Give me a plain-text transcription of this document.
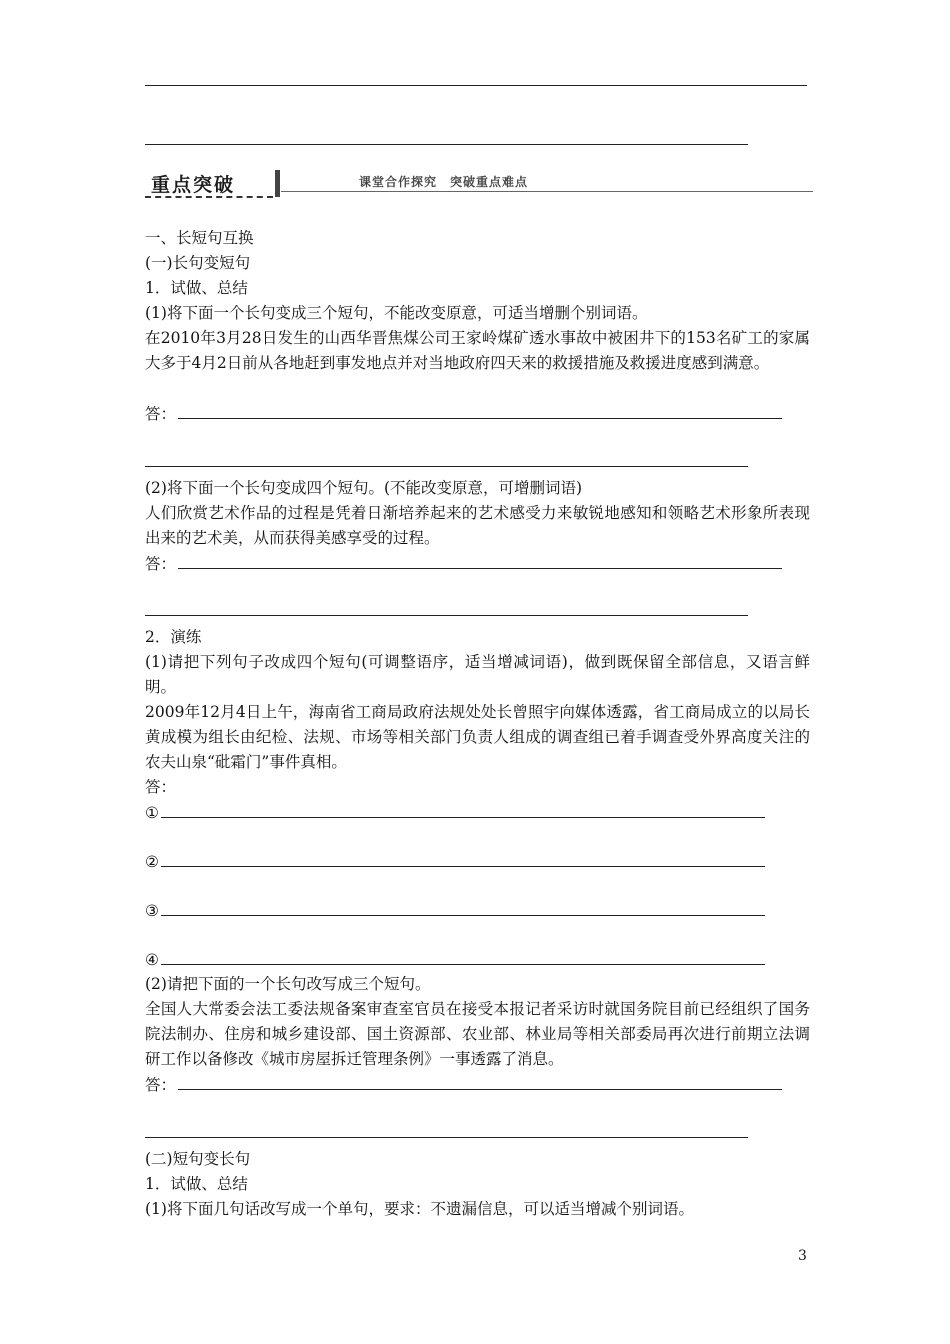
重点突破	课堂合作探究　突破重点难点
一、长短句互换
(一)长句变短句
1．试做、总结
(1)将下面一个长句变成三个短句，不能改变原意，可适当增删个别词语。
在2010年3月28日发生的山西华晋焦煤公司王家岭煤矿透水事故中被困井下的153名矿工的家属大多于4月2日前从各地赶到事发地点并对当地政府四天来的救援措施及救援进度感到满意。
答：
(2)将下面一个长句变成四个短句。(不能改变原意，可增删词语)
人们欣赏艺术作品的过程是凭着日渐培养起来的艺术感受力来敏锐地感知和领略艺术形象所表现出来的艺术美，从而获得美感享受的过程。
答：
2．演练
(1)请把下列句子改成四个短句(可调整语序，适当增减词语)，做到既保留全部信息，又语言鲜明。
2009年12月4日上午，海南省工商局政府法规处处长曾照宇向媒体透露，省工商局成立的以局长黄成模为组长由纪检、法规、市场等相关部门负责人组成的调查组已着手调查受外界高度关注的农夫山泉“砒霜门”事件真相。
答：
①
②
③
④
(2)请把下面的一个长句改写成三个短句。
全国人大常委会法工委法规备案审查室官员在接受本报记者采访时就国务院目前已经组织了国务院法制办、住房和城乡建设部、国土资源部、农业部、林业局等相关部委局再次进行前期立法调研工作以备修改《城市房屋拆迁管理条例》一事透露了消息。
答：
(二)短句变长句
1．试做、总结
(1)将下面几句话改写成一个单句，要求：不遗漏信息，可以适当增减个别词语。
3
